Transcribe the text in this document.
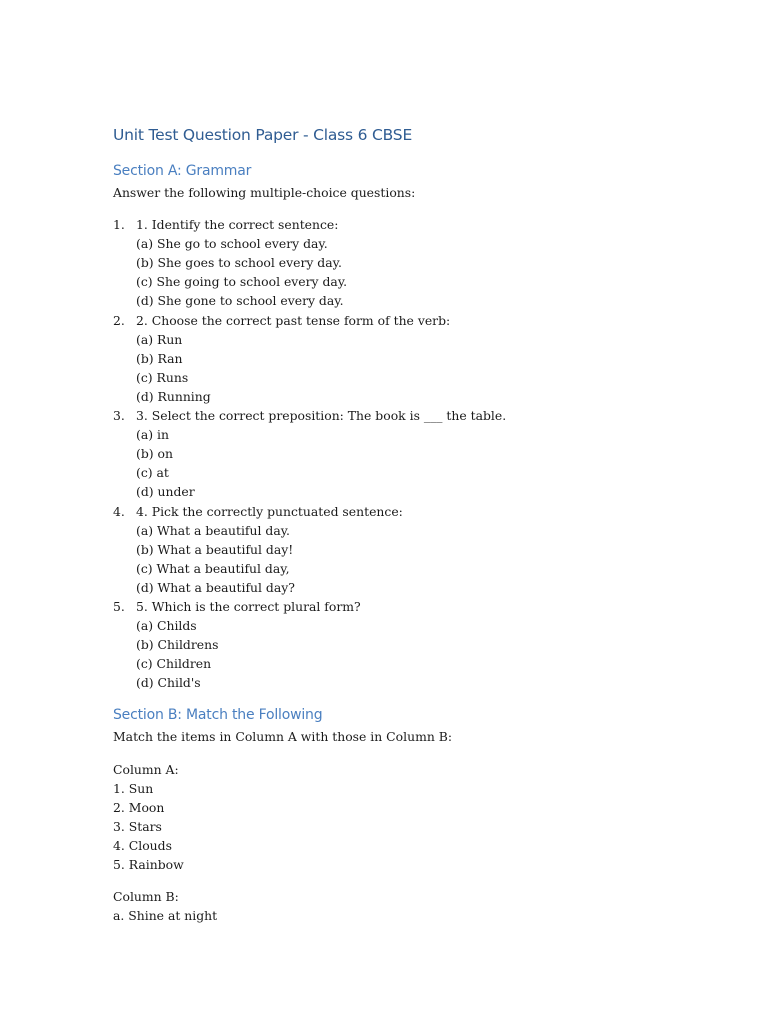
Unit Test Question Paper - Class 6 CBSE
Section A: Grammar
Answer the following multiple-choice questions:
1. 1. Identify the correct sentence:
(a) She go to school every day.
(b) She goes to school every day.
(c) She going to school every day.
(d) She gone to school every day.
2. 2. Choose the correct past tense form of the verb:
(a) Run
(b) Ran
(c) Runs
(d) Running
3. 3. Select the correct preposition: The book is ___ the table.
(a) in
(b) on
(c) at
(d) under
4. 4. Pick the correctly punctuated sentence:
(a) What a beautiful day.
(b) What a beautiful day!
(c) What a beautiful day,
(d) What a beautiful day?
5. 5. Which is the correct plural form?
(a) Childs
(b) Childrens
(c) Children
(d) Child's
Section B: Match the Following
Match the items in Column A with those in Column B:
Column A:
1. Sun
2. Moon
3. Stars
4. Clouds
5. Rainbow
Column B:
a. Shine at night
